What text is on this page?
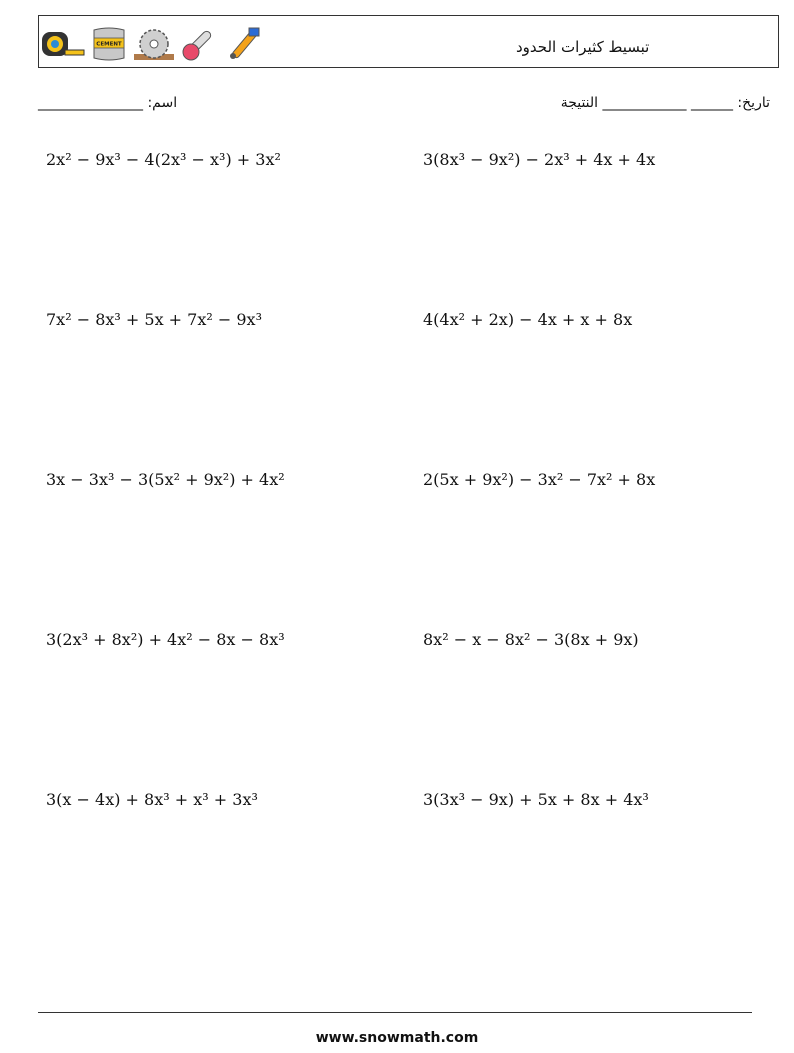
CEMENT	تبسيط كثيرات الحدود
اسم: _______________	تاريخ: ______ ____________ النتيجة
2x² − 9x³ − 4(2x³ − x³) + 3x²	3(8x³ − 9x²) − 2x³ + 4x + 4x
7x² − 8x³ + 5x + 7x² − 9x³	4(4x² + 2x) − 4x + x + 8x
3x − 3x³ − 3(5x² + 9x²) + 4x²	2(5x + 9x²) − 3x² − 7x² + 8x
3(2x³ + 8x²) + 4x² − 8x − 8x³	8x² − x − 8x² − 3(8x + 9x)
3(x − 4x) + 8x³ + x³ + 3x³	3(3x³ − 9x) + 5x + 8x + 4x³
www.snowmath.com
